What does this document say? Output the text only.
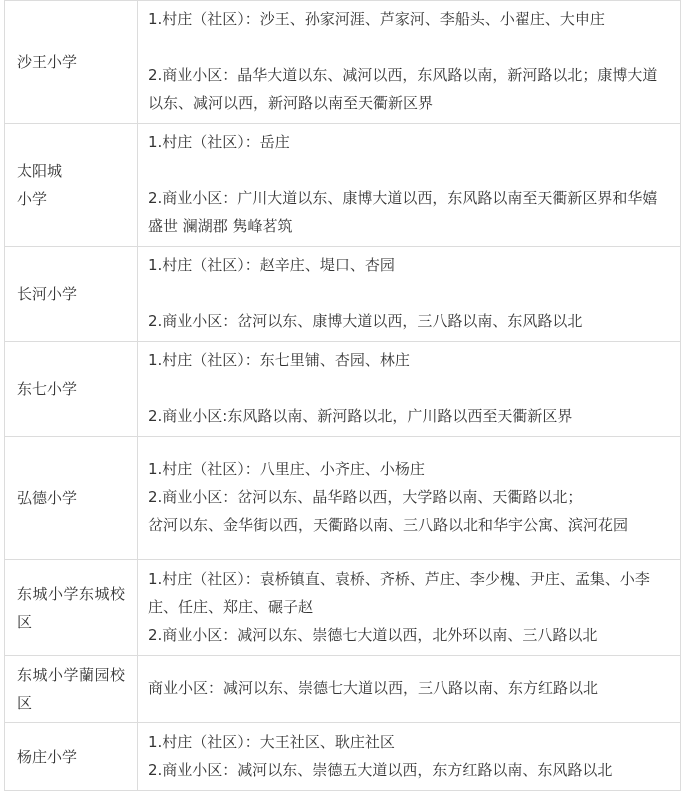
沙王小学	1.村庄（社区）：沙王、孙家河涯、芦家河、李船头、小翟庄、大申庄
2.商业小区：晶华大道以东、减河以西，东风路以南，新河路以北；康博大道以东、减河以西，新河路以南至天衢新区界

太阳城
小学	1.村庄（社区）：岳庄
2.商业小区：广川大道以东、康博大道以西，东风路以南至天衢新区界和华嬉盛世 澜湖郡 隽峰茗筑

长河小学	1.村庄（社区）：赵辛庄、堤口、杏园
2.商业小区：岔河以东、康博大道以西，三八路以南、东风路以北

东七小学	1.村庄（社区）：东七里铺、杏园、林庄
2.商业小区:东风路以南、新河路以北，广川路以西至天衢新区界

弘德小学	1.村庄（社区）：八里庄、小齐庄、小杨庄
2.商业小区：岔河以东、晶华路以西，大学路以南、天衢路以北；
岔河以东、金华街以西，天衢路以南、三八路以北和华宇公寓、滨河花园

东城小学东城校区	1.村庄（社区）：袁桥镇直、袁桥、齐桥、芦庄、李少槐、尹庄、孟集、小李庄、任庄、郑庄、碾子赵
2.商业小区：减河以东、崇德七大道以西，北外环以南、三八路以北

东城小学蘭园校区	商业小区：减河以东、崇德七大道以西，三八路以南、东方红路以北

杨庄小学	1.村庄（社区）：大王社区、耿庄社区
2.商业小区：减河以东、崇德五大道以西，东方红路以南、东风路以北
